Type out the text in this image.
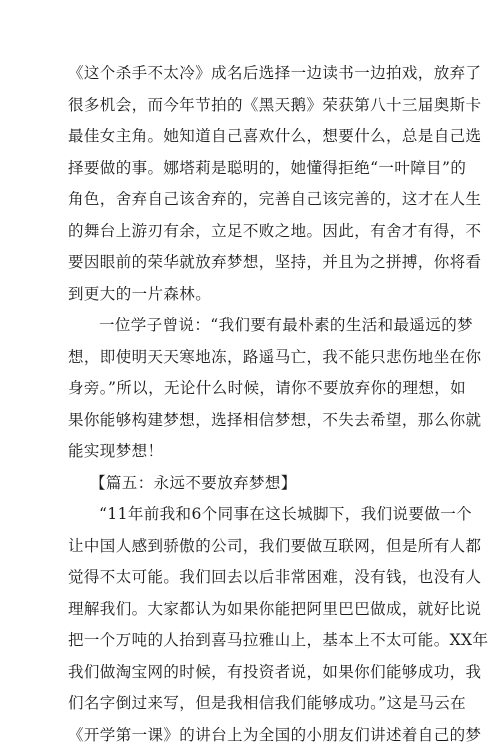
《这个杀手不太冷》成名后选择一边读书一边拍戏，放弃了
很多机会，而今年节拍的《黑天鹅》荣获第八十三届奥斯卡
最佳女主角。她知道自己喜欢什么，想要什么，总是自己选
择要做的事。娜塔莉是聪明的，她懂得拒绝“一叶障目”的
角色，舍弃自己该舍弃的，完善自己该完善的，这才在人生
的舞台上游刃有余，立足不败之地。因此，有舍才有得，不
要因眼前的荣华就放弃梦想，坚持，并且为之拼搏，你将看
到更大的一片森林。
一位学子曾说：“我们要有最朴素的生活和最遥远的梦
想，即使明天天寒地冻，路遥马亡，我不能只悲伤地坐在你
身旁。”所以，无论什么时候，请你不要放弃你的理想，如
果你能够构建梦想，选择相信梦想，不失去希望，那么你就
能实现梦想！
【篇五：永远不要放弃梦想】
“11年前我和6个同事在这长城脚下，我们说要做一个
让中国人感到骄傲的公司，我们要做互联网，但是所有人都
觉得不太可能。我们回去以后非常困难，没有钱，也没有人
理解我们。大家都认为如果你能把阿里巴巴做成，就好比说
把一个万吨的人抬到喜马拉雅山上，基本上不太可能。XX年
我们做淘宝网的时候，有投资者说，如果你们能够成功，我
们名字倒过来写，但是我相信我们能够成功。”这是马云在
《开学第一课》的讲台上为全国的小朋友们讲述着自己的梦
